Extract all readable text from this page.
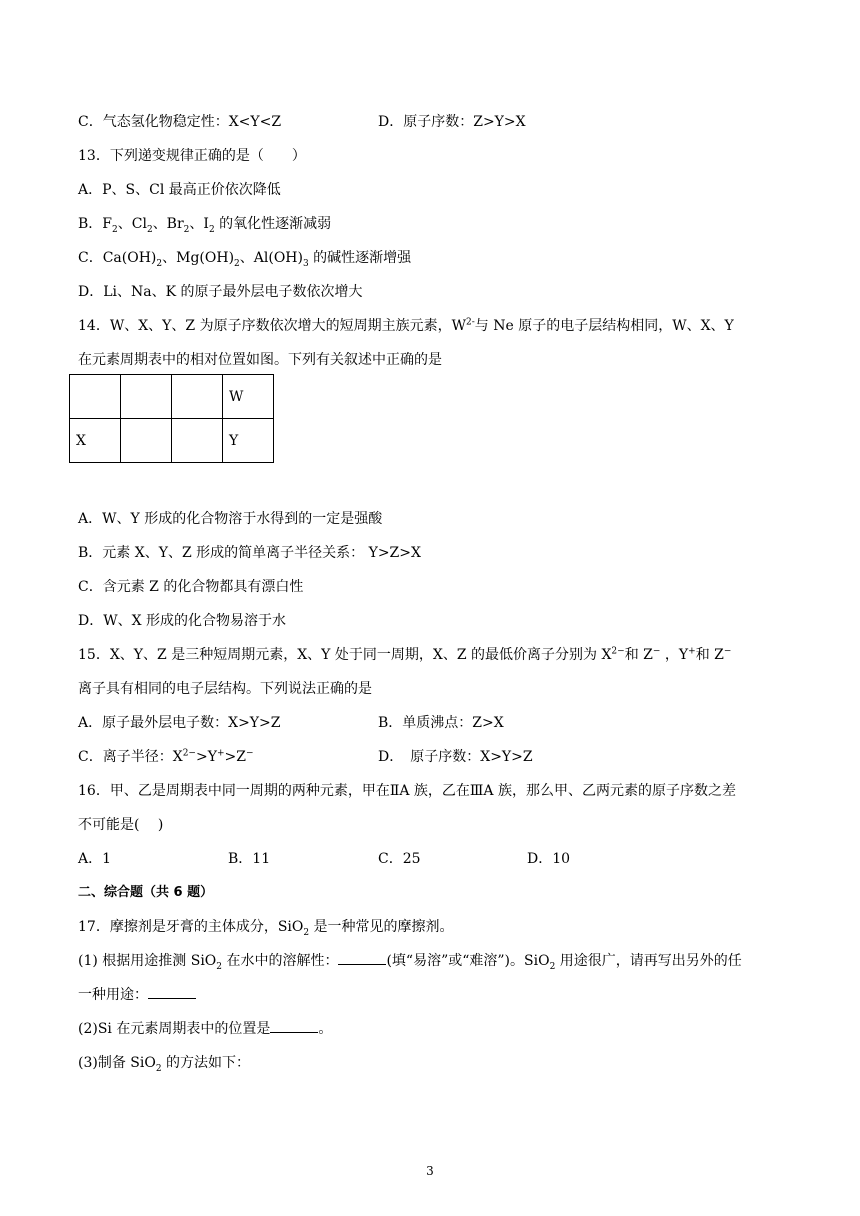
C．气态氢化物稳定性：X<Y<Z	D．原子序数：Z>Y>X
13．下列递变规律正确的是（　　）
A．P、S、Cl 最高正价依次降低
B．$F_2$、$Cl_2$、$Br_2$、$I_2$ 的氧化性逐渐减弱
C．$Ca(OH)_2$、$Mg(OH)_2$、$Al(OH)_3$ 的碱性逐渐增强
D．Li、Na、K 的原子最外层电子数依次增大
14．W、X、Y、Z 为原子序数依次增大的短周期主族元素，$W^{2-}$与 Ne 原子的电子层结构相同，W、X、Y
在元素周期表中的相对位置如图。下列有关叙述中正确的是
			W
X			Y
A．W、Y 形成的化合物溶于水得到的一定是强酸
B．元素 X、Y、Z 形成的简单离子半径关系： Y>Z>X
C．含元素 Z 的化合物都具有漂白性
D．W、X 形成的化合物易溶于水
15．X、Y、Z 是三种短周期元素，X、Y 处于同一周期，X、Z 的最低价离子分别为 $X^{2-}$和 Z− ，Y+和 Z−
离子具有相同的电子层结构。下列说法正确的是
A．原子最外层电子数：X>Y>Z	B．单质沸点：Z>X
C．离子半径：$X^{2-}>Y^+>Z^-$	D．　原子序数：X>Y>Z
16．甲、乙是周期表中同一周期的两种元素，甲在ⅡA 族，乙在ⅢA 族，那么甲、乙两元素的原子序数之差
不可能是(　 )
A．1	B．11	C．25	D．10
二、综合题（共 6 题）
17．摩擦剂是牙膏的主体成分，SiO$_2$ 是一种常见的摩擦剂。
(1) 根据用途推测 SiO$_2$ 在水中的溶解性：	(填“易溶”或“难溶”)。SiO$_2$ 用途很广，请再写出另外的任
一种用途：
(2)Si 在元素周期表中的位置是	。
(3)制备 SiO$_2$ 的方法如下：
3
